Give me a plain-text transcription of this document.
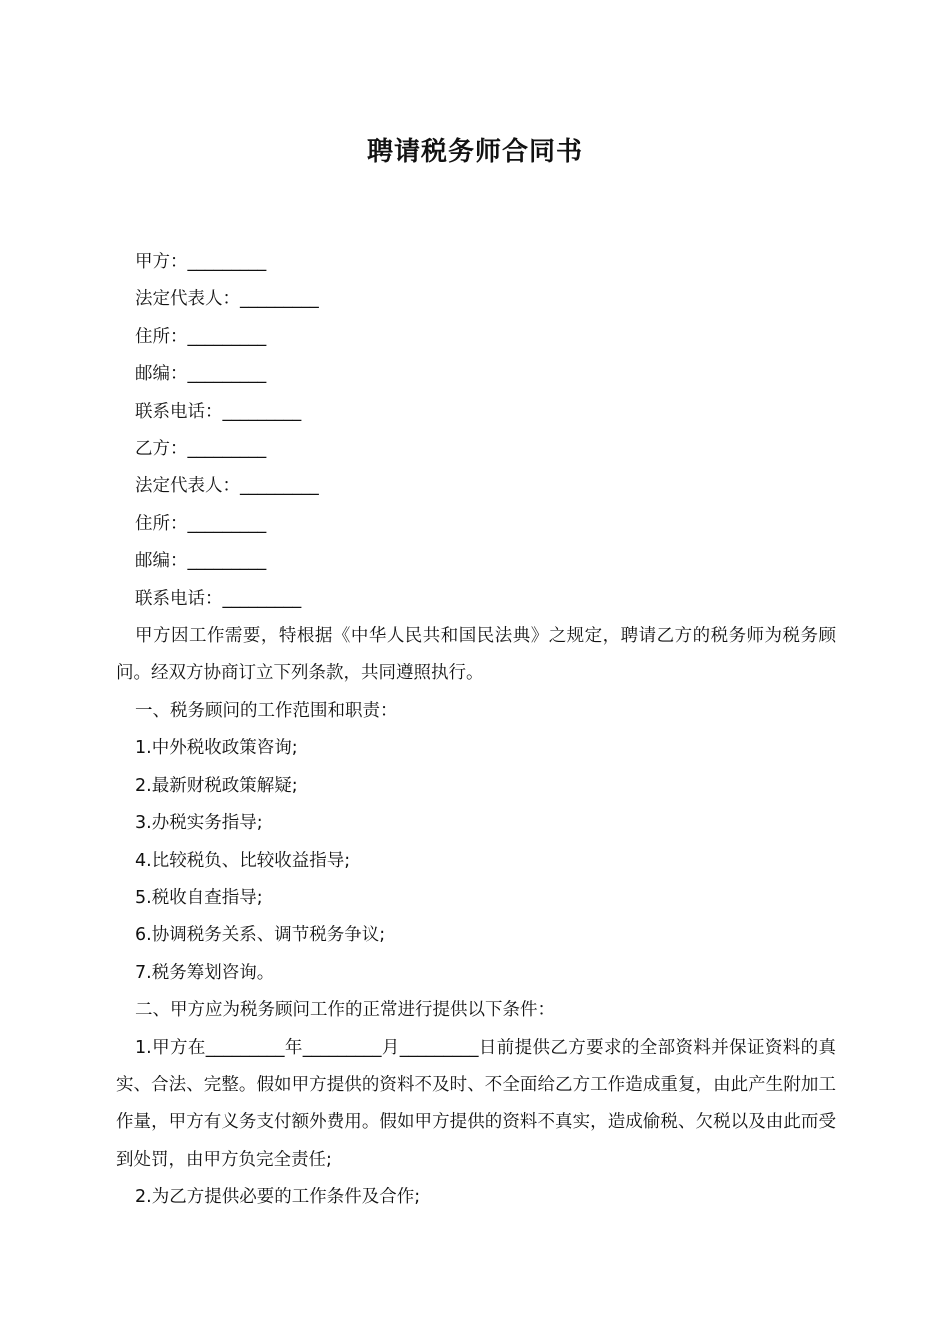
聘请税务师合同书

甲方：_________

法定代表人：_________

住所：_________

邮编：_________

联系电话：_________

乙方：_________

法定代表人：_________

住所：_________

邮编：_________

联系电话：_________

甲方因工作需要，特根据《中华人民共和国民法典》之规定，聘请乙方的税务师为税务顾问。经双方协商订立下列条款，共同遵照执行。

一、税务顾问的工作范围和职责：

1.中外税收政策咨询;

2.最新财税政策解疑;

3.办税实务指导;

4.比较税负、比较收益指导;

5.税收自查指导;

6.协调税务关系、调节税务争议;

7.税务筹划咨询。

二、甲方应为税务顾问工作的正常进行提供以下条件：

1.甲方在_________年_________月_________日前提供乙方要求的全部资料并保证资料的真实、合法、完整。假如甲方提供的资料不及时、不全面给乙方工作造成重复，由此产生附加工作量，甲方有义务支付额外费用。假如甲方提供的资料不真实，造成偷税、欠税以及由此而受到处罚，由甲方负完全责任;

2.为乙方提供必要的工作条件及合作;
